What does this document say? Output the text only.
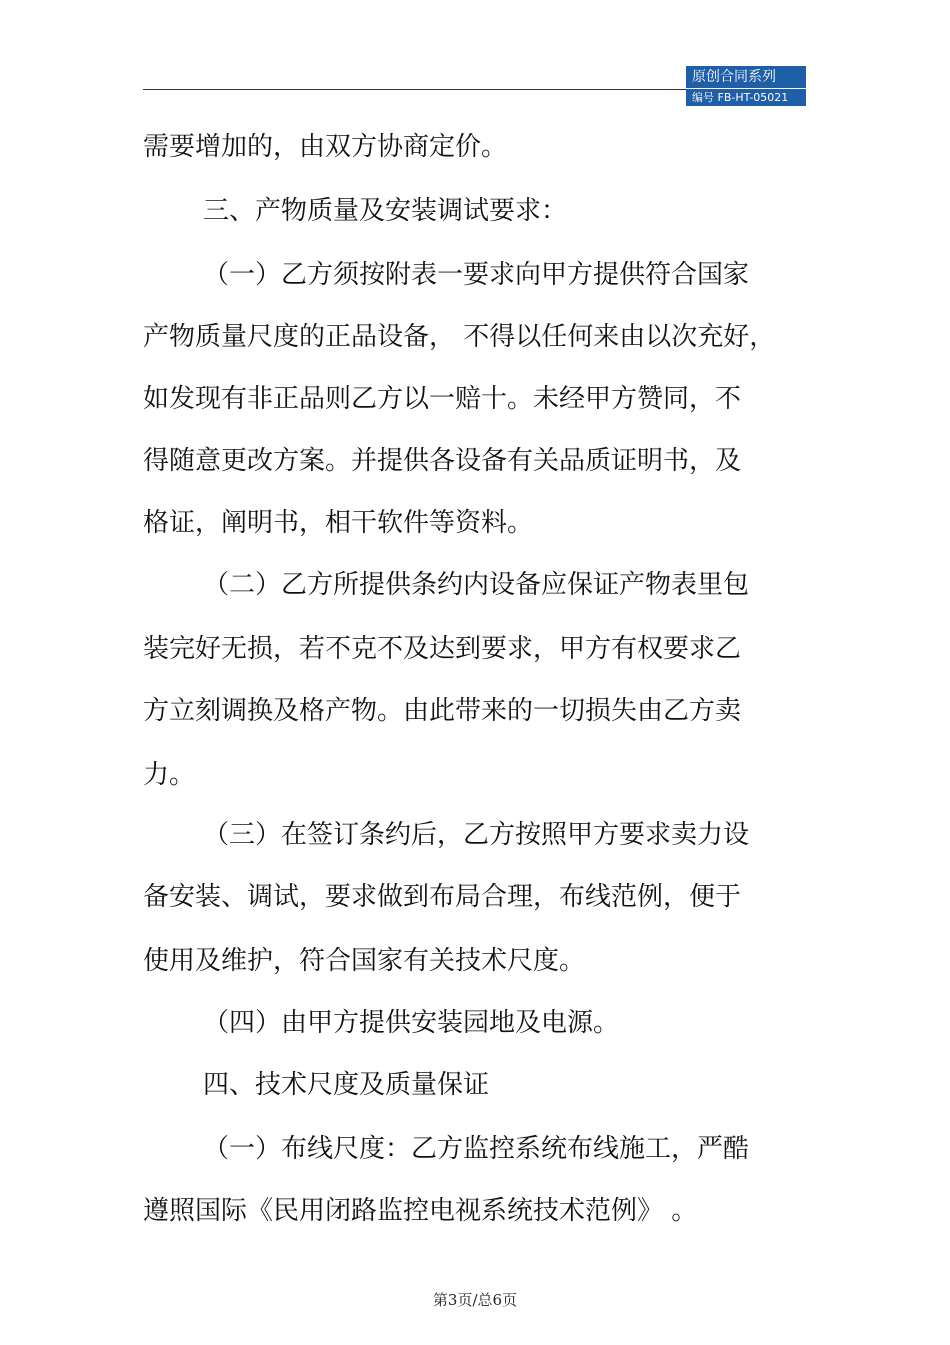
原创合同系列
编号 FB-HT-05021
需要增加的，由双方协商定价。
三、产物质量及安装调试要求：
（一）乙方须按附表一要求向甲方提供符合国家
产物质量尺度的正品设备， 不得以任何来由以次充好，
如发现有非正品则乙方以一赔十。未经甲方赞同，不
得随意更改方案。并提供各设备有关品质证明书，及
格证，阐明书，相干软件等资料。
（二）乙方所提供条约内设备应保证产物表里包
装完好无损，若不克不及达到要求，甲方有权要求乙
方立刻调换及格产物。由此带来的一切损失由乙方卖
力。
（三）在签订条约后，乙方按照甲方要求卖力设
备安装、调试，要求做到布局合理，布线范例，便于
使用及维护，符合国家有关技术尺度。
（四）由甲方提供安装园地及电源。
四、技术尺度及质量保证
（一）布线尺度：乙方监控系统布线施工，严酷
遵照国际《民用闭路监控电视系统技术范例》 。
第3页/总6页
